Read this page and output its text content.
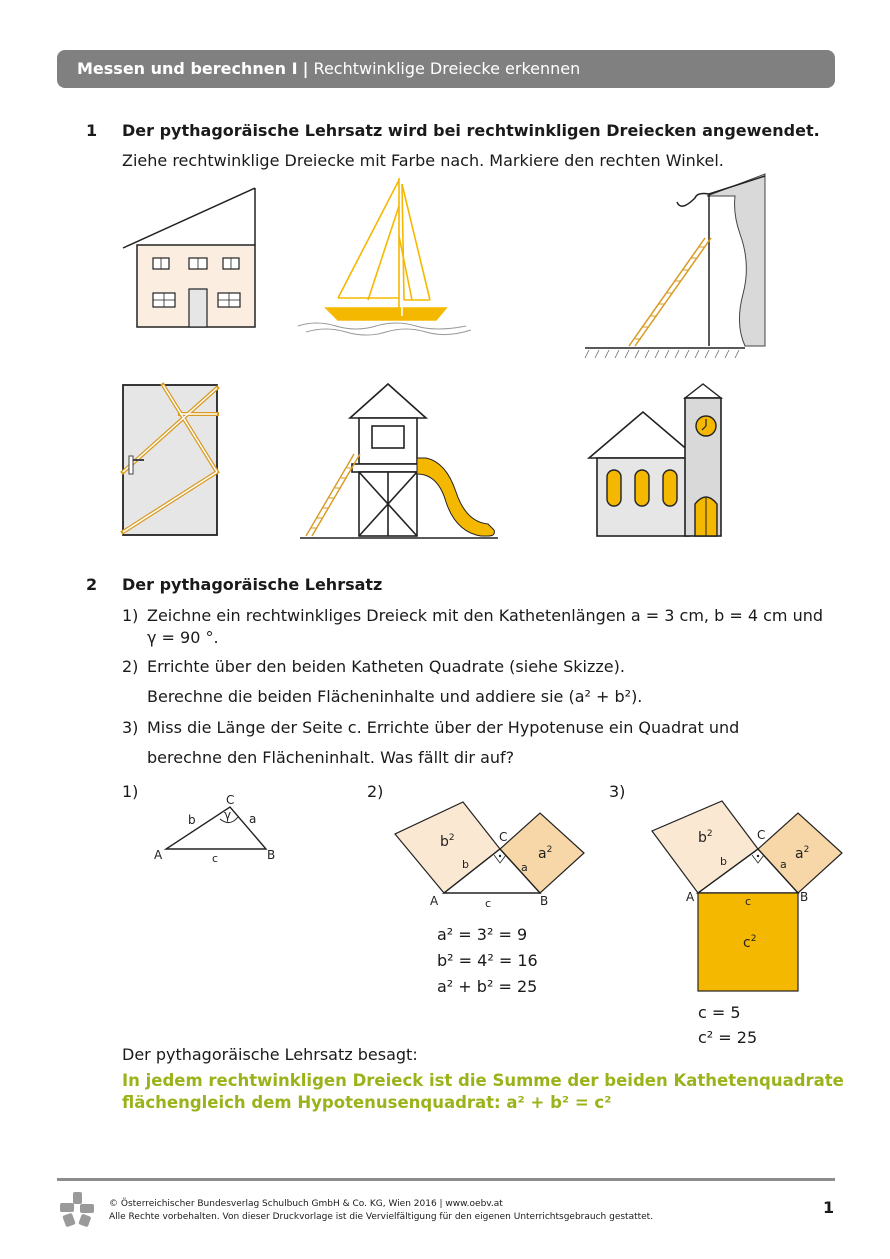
Messen und berechnen I | Rechtwinklige Dreiecke erkennen
1 Der pythagoräische Lehrsatz wird bei rechtwinkligen Dreiecken angewendet.
Ziehe rechtwinklige Dreiecke mit Farbe nach. Markiere den rechten Winkel.
2 Der pythagoräische Lehrsatz
1) Zeichne ein rechtwinkliges Dreieck mit den Kathetenlängen a = 3 cm, b = 4 cm und
γ = 90 °.
2) Errichte über den beiden Katheten Quadrate (siehe Skizze).
Berechne die beiden Flächeninhalte und addiere sie (a² + b²).
3) Miss die Länge der Seite c. Errichte über der Hypotenuse ein Quadrat und
berechne den Flächeninhalt. Was fällt dir auf?
1)	2)	3)
A	B
C
b	a
c
γ
A	B
C
b	a
c
$b^2$
$a^2$
a² = 3² = 9
b² = 4² = 16
a² + b² = 25
A	B
C
b	a
c
$b^2$
$a^2$
$c^2$
c = 5
c² = 25
Der pythagoräische Lehrsatz besagt:
In jedem rechtwinkligen Dreieck ist die Summe der beiden Kathetenquadrate
flächengleich dem Hypotenusenquadrat: a² + b² = c²
© Österreichischer Bundesverlag Schulbuch GmbH & Co. KG, Wien 2016 | www.oebv.at
Alle Rechte vorbehalten. Von dieser Druckvorlage ist die Vervielfältigung für den eigenen Unterrichtsgebrauch gestattet.	1
